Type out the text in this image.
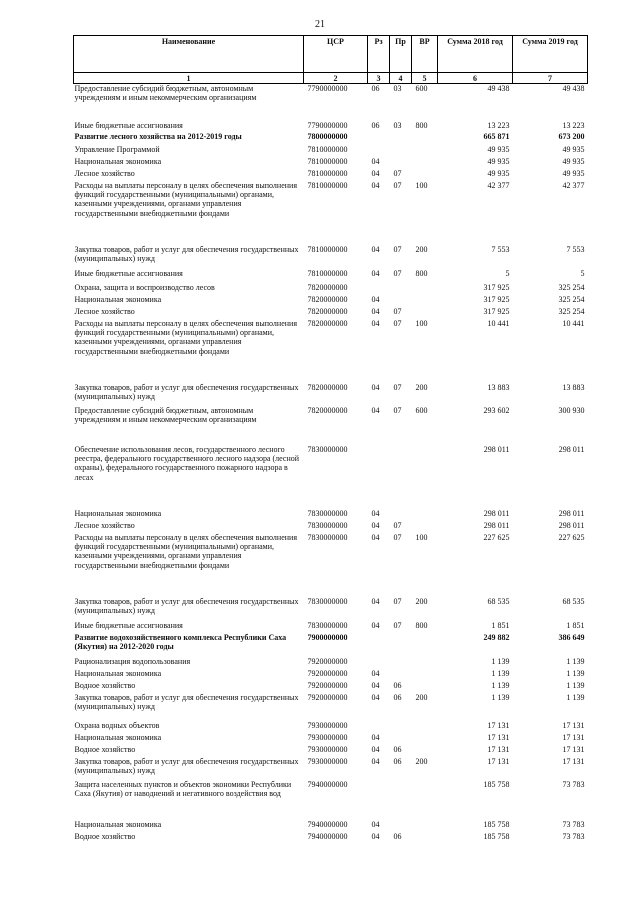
21
Наименование	ЦСР	Рз	Пр	ВР	Сумма 2018 год	Сумма 2019 год
1	2	3	4	5	6	7
Предоставление субсидий бюджетным, автономным учреждениям и иным некоммерческим организациям	7790000000	06	03	600	49 438	49 438
Иные бюджетные ассигнования	7790000000	06	03	800	13 223	13 223
Развитие лесного хозяйства на 2012-2019 годы	7800000000				665 871	673 200
Управление Программой	7810000000				49 935	49 935
Национальная экономика	7810000000	04			49 935	49 935
Лесное хозяйство	7810000000	04	07		49 935	49 935
Расходы на выплаты персоналу в целях обеспечения выполнения функций государственными (муниципальными) органами, казенными учреждениями, органами управления государственными внебюджетными фондами	7810000000	04	07	100	42 377	42 377
Закупка товаров, работ и услуг для обеспечения государственных (муниципальных) нужд	7810000000	04	07	200	7 553	7 553
Иные бюджетные ассигнования	7810000000	04	07	800	5	5
Охрана, защита и воспроизводство лесов	7820000000				317 925	325 254
Национальная экономика	7820000000	04			317 925	325 254
Лесное хозяйство	7820000000	04	07		317 925	325 254
Расходы на выплаты персоналу в целях обеспечения выполнения функций государственными (муниципальными) органами, казенными учреждениями, органами управления государственными внебюджетными фондами	7820000000	04	07	100	10 441	10 441
Закупка товаров, работ и услуг для обеспечения государственных (муниципальных) нужд	7820000000	04	07	200	13 883	13 883
Предоставление субсидий бюджетным, автономным учреждениям и иным некоммерческим организациям	7820000000	04	07	600	293 602	300 930
Обеспечение использования лесов, государственного лесного реестра, федерального государственного лесного надзора (лесной охраны), федерального государственного пожарного надзора в лесах	7830000000				298 011	298 011
Национальная экономика	7830000000	04			298 011	298 011
Лесное хозяйство	7830000000	04	07		298 011	298 011
Расходы на выплаты персоналу в целях обеспечения выполнения функций государственными (муниципальными) органами, казенными учреждениями, органами управления государственными внебюджетными фондами	7830000000	04	07	100	227 625	227 625
Закупка товаров, работ и услуг для обеспечения государственных (муниципальных) нужд	7830000000	04	07	200	68 535	68 535
Иные бюджетные ассигнования	7830000000	04	07	800	1 851	1 851
Развитие водохозяйственного комплекса Республики Саха (Якутия) на 2012-2020 годы	7900000000				249 882	386 649
Рационализация водопользования	7920000000				1 139	1 139
Национальная экономика	7920000000	04			1 139	1 139
Водное хозяйство	7920000000	04	06		1 139	1 139
Закупка товаров, работ и услуг для обеспечения государственных (муниципальных) нужд	7920000000	04	06	200	1 139	1 139
Охрана водных объектов	7930000000				17 131	17 131
Национальная экономика	7930000000	04			17 131	17 131
Водное хозяйство	7930000000	04	06		17 131	17 131
Закупка товаров, работ и услуг для обеспечения государственных (муниципальных) нужд	7930000000	04	06	200	17 131	17 131
Защита населенных пунктов и объектов экономики Республики Саха (Якутия) от наводнений и негативного воздействия вод	7940000000				185 758	73 783
Национальная экономика	7940000000	04			185 758	73 783
Водное хозяйство	7940000000	04	06		185 758	73 783
